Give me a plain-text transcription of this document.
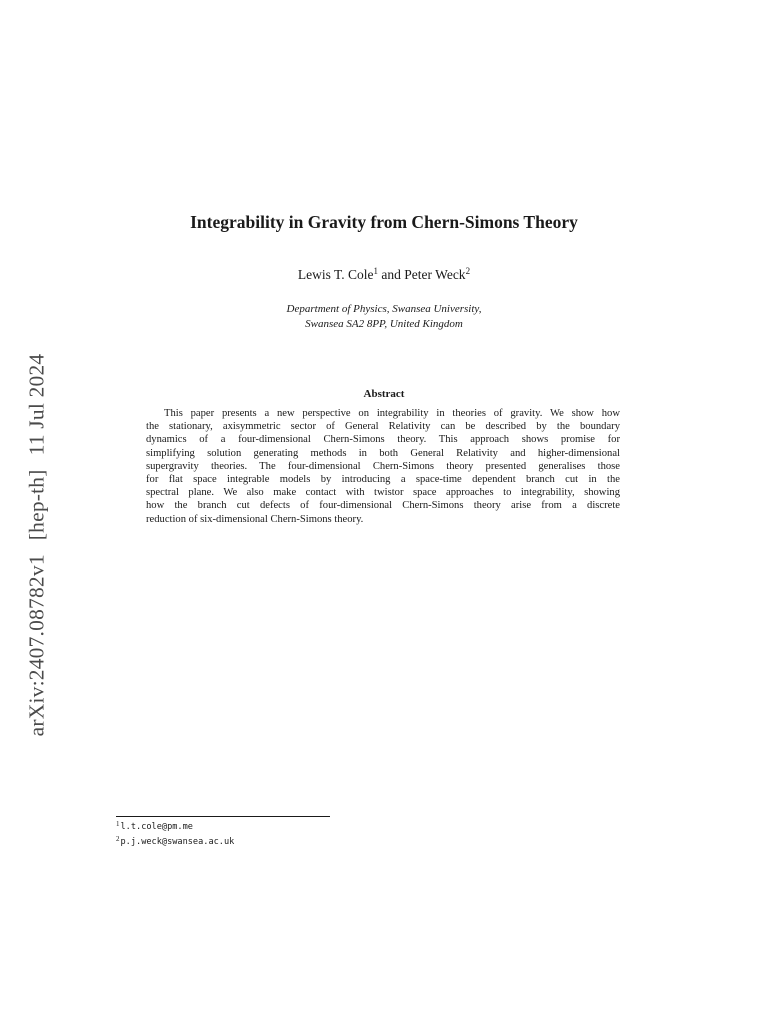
arXiv:2407.08782v1[hep-th]11 Jul 2024
Integrability in Gravity from Chern-Simons Theory
Lewis T. Cole$^1$ and Peter Weck$^2$
Department of Physics, Swansea University,
Swansea SA2 8PP, United Kingdom
Abstract
This paper presents a new perspective on integrability in theories of gravity. We show how
the stationary, axisymmetric sector of General Relativity can be described by the boundary
dynamics of a four-dimensional Chern-Simons theory. This approach shows promise for
simplifying solution generating methods in both General Relativity and higher-dimensional
supergravity theories. The four-dimensional Chern-Simons theory presented generalises those
for flat space integrable models by introducing a space-time dependent branch cut in the
spectral plane. We also make contact with twistor space approaches to integrability, showing
how the branch cut defects of four-dimensional Chern-Simons theory arise from a discrete
reduction of six-dimensional Chern-Simons theory.
$^1$l.t.cole@pm.me
$^2$p.j.weck@swansea.ac.uk
